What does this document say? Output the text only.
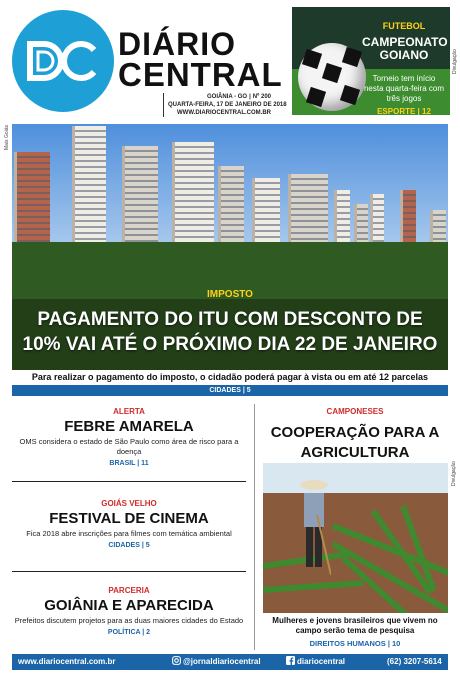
DIÁRIO
CENTRAL
GOIÂNIA - GO | Nº 200
QUARTA-FEIRA, 17 DE JANEIRO DE 2018
WWW.DIARIOCENTRAL.COM.BR
FUTEBOL
CAMPEONATO GOIANO
Torneio tem início nesta quarta-feira com três jogos
ESPORTE | 12
Divulgação
IMPOSTO
PAGAMENTO DO ITU COM DESCONTO DE 10% VAI ATÉ O PRÓXIMO DIA 22 DE JANEIRO
Mais Goiás
Para realizar o pagamento do imposto, o cidadão poderá pagar à vista ou em até 12 parcelas
CIDADES | 5
ALERTA
FEBRE AMARELA
OMS considera o estado de São Paulo como área de risco para a doença
BRASIL | 11
GOIÁS VELHO
FESTIVAL DE CINEMA
Fica 2018 abre inscrições para filmes com temática ambiental
CIDADES | 5
PARCERIA
GOIÂNIA E APARECIDA
Prefeitos discutem projetos para as duas maiores cidades do Estado
POLÍTICA | 2
CAMPONESES
COOPERAÇÃO PARA A AGRICULTURA
Mulheres e jovens brasileiros que vivem no campo serão tema de pesquisa
DIREITOS HUMANOS | 10
Divulgação
www.diariocentral.com.br	@jornaldiariocentral	diariocentral	(62) 3207-5614
